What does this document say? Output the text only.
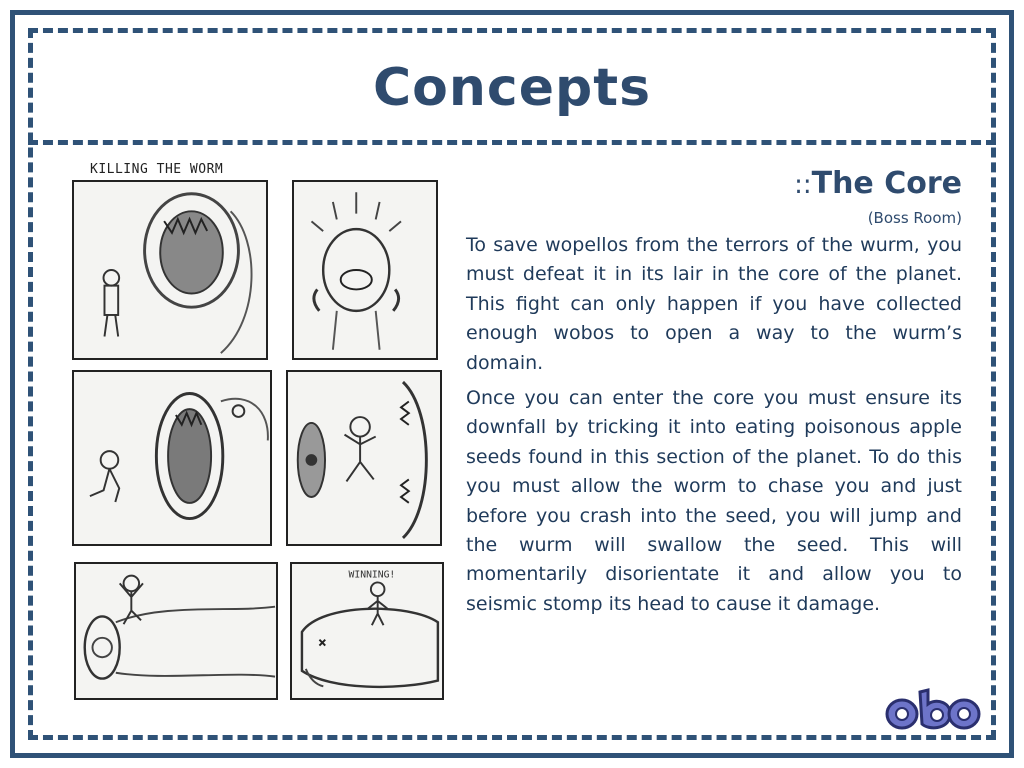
Concepts
KILLING THE WORM
WINNING!
::The Core
(Boss Room)

To save wopellos from the terrors of the wurm, you must defeat it in its lair in the core of the planet. This fight can only happen if you have collected enough wobos to open a way to the wurm’s domain.

Once you can enter the core you must ensure its downfall by tricking it into eating poisonous apple seeds found in this section of the planet. To do this you must allow the worm to chase you and just before you crash into the seed, you will jump and the wurm will swallow the seed. This will momentarily disorientate it and allow you to seismic stomp its head to cause it damage.
